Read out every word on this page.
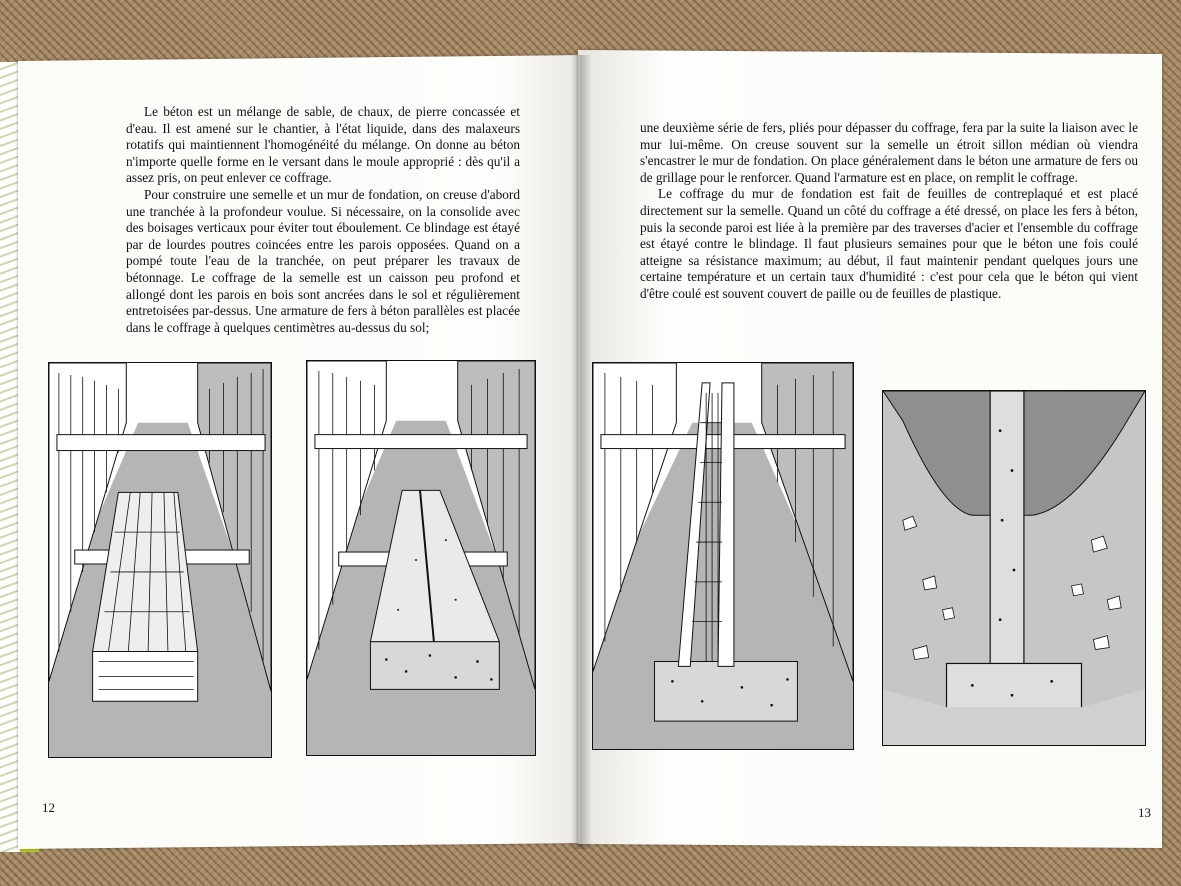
Le béton est un mélange de sable, de chaux, de pierre concassée et d'eau. Il est amené sur le chantier, à l'état liquide, dans des malaxeurs rotatifs qui maintiennent l'homogénéité du mélange. On donne au béton n'importe quelle forme en le versant dans le moule approprié : dès qu'il a assez pris, on peut enlever ce coffrage.

Pour construire une semelle et un mur de fondation, on creuse d'abord une tranchée à la profondeur voulue. Si nécessaire, on la consolide avec des boisages verticaux pour éviter tout éboulement. Ce blindage est étayé par de lourdes poutres coincées entre les parois opposées. Quand on a pompé toute l'eau de la tranchée, on peut préparer les travaux de bétonnage. Le coffrage de la semelle est un caisson peu profond et allongé dont les parois en bois sont ancrées dans le sol et régulièrement entretoisées par-dessus. Une armature de fers à béton parallèles est placée dans le coffrage à quelques centimètres au-dessus du sol;

une deuxième série de fers, pliés pour dépasser du coffrage, fera par la suite la liaison avec le mur lui-même. On creuse souvent sur la semelle un étroit sillon médian où viendra s'encastrer le mur de fondation. On place généralement dans le béton une armature de fers ou de grillage pour le renforcer. Quand l'armature est en place, on remplit le coffrage.

Le coffrage du mur de fondation est fait de feuilles de contreplaqué et est placé directement sur la semelle. Quand un côté du coffrage a été dressé, on place les fers à béton, puis la seconde paroi est liée à la première par des traverses d'acier et l'ensemble du coffrage est étayé contre le blindage. Il faut plusieurs semaines pour que le béton une fois coulé atteigne sa résistance maximum; au début, il faut maintenir pendant quelques jours une certaine température et un certain taux d'humidité : c'est pour cela que le béton qui vient d'être coulé est souvent couvert de paille ou de feuilles de plastique.

12	13
